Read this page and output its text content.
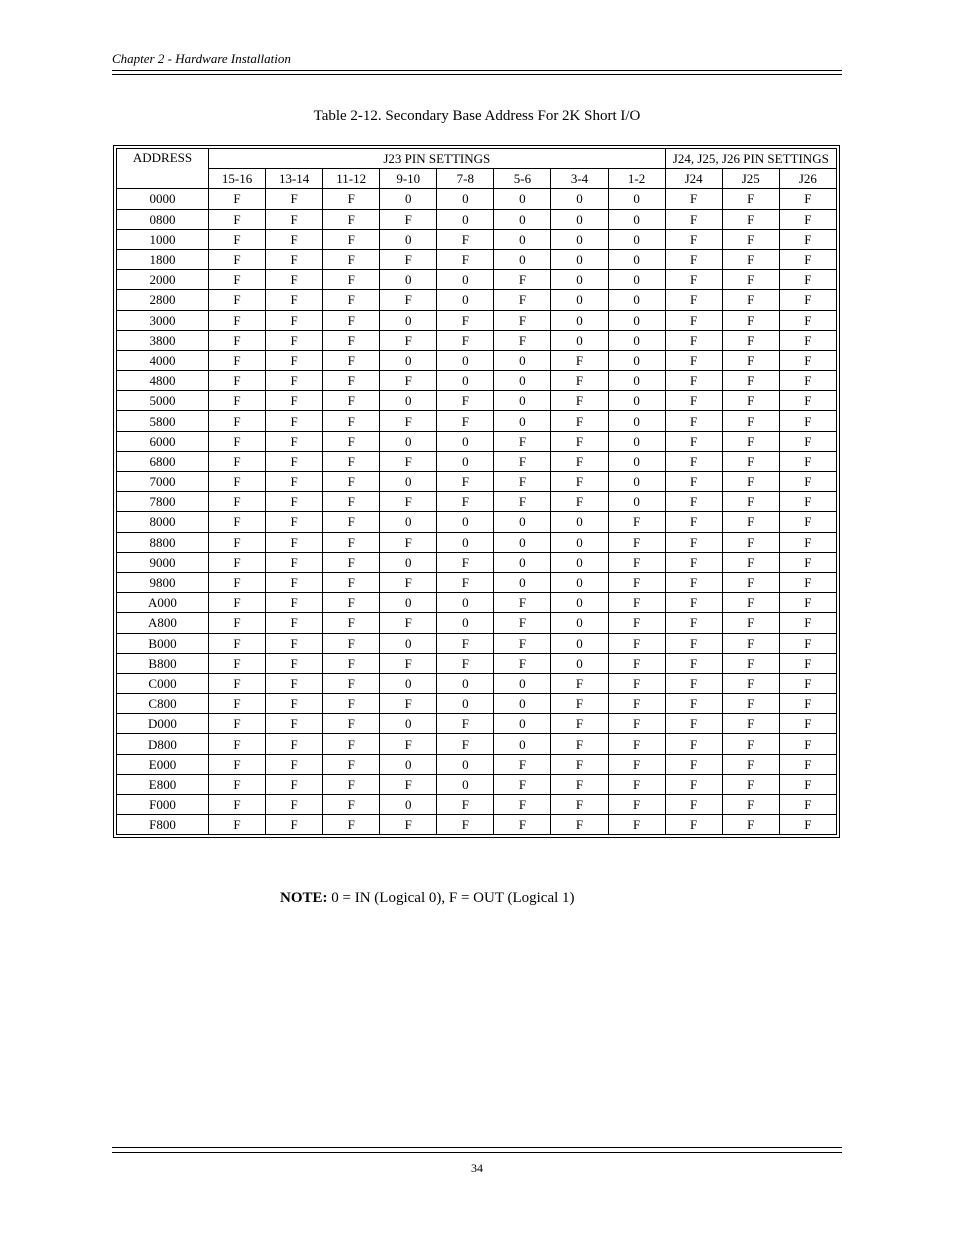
Chapter 2 - Hardware Installation
Table 2-12. Secondary Base Address For 2K Short I/O
ADDRESS	J23 PIN SETTINGS								J24, J25, J26 PIN SETTINGS		
	15-16	13-14	11-12	9-10	7-8	5-6	3-4	1-2	J24	J25	J26
0000	F	F	F	0	0	0	0	0	F	F	F
0800	F	F	F	F	0	0	0	0	F	F	F
1000	F	F	F	0	F	0	0	0	F	F	F
1800	F	F	F	F	F	0	0	0	F	F	F
2000	F	F	F	0	0	F	0	0	F	F	F
2800	F	F	F	F	0	F	0	0	F	F	F
3000	F	F	F	0	F	F	0	0	F	F	F
3800	F	F	F	F	F	F	0	0	F	F	F
4000	F	F	F	0	0	0	F	0	F	F	F
4800	F	F	F	F	0	0	F	0	F	F	F
5000	F	F	F	0	F	0	F	0	F	F	F
5800	F	F	F	F	F	0	F	0	F	F	F
6000	F	F	F	0	0	F	F	0	F	F	F
6800	F	F	F	F	0	F	F	0	F	F	F
7000	F	F	F	0	F	F	F	0	F	F	F
7800	F	F	F	F	F	F	F	0	F	F	F
8000	F	F	F	0	0	0	0	F	F	F	F
8800	F	F	F	F	0	0	0	F	F	F	F
9000	F	F	F	0	F	0	0	F	F	F	F
9800	F	F	F	F	F	0	0	F	F	F	F
A000	F	F	F	0	0	F	0	F	F	F	F
A800	F	F	F	F	0	F	0	F	F	F	F
B000	F	F	F	0	F	F	0	F	F	F	F
B800	F	F	F	F	F	F	0	F	F	F	F
C000	F	F	F	0	0	0	F	F	F	F	F
C800	F	F	F	F	0	0	F	F	F	F	F
D000	F	F	F	0	F	0	F	F	F	F	F
D800	F	F	F	F	F	0	F	F	F	F	F
E000	F	F	F	0	0	F	F	F	F	F	F
E800	F	F	F	F	0	F	F	F	F	F	F
F000	F	F	F	0	F	F	F	F	F	F	F
F800	F	F	F	F	F	F	F	F	F	F	F
NOTE: 0 = IN (Logical 0), F = OUT (Logical 1)
34
